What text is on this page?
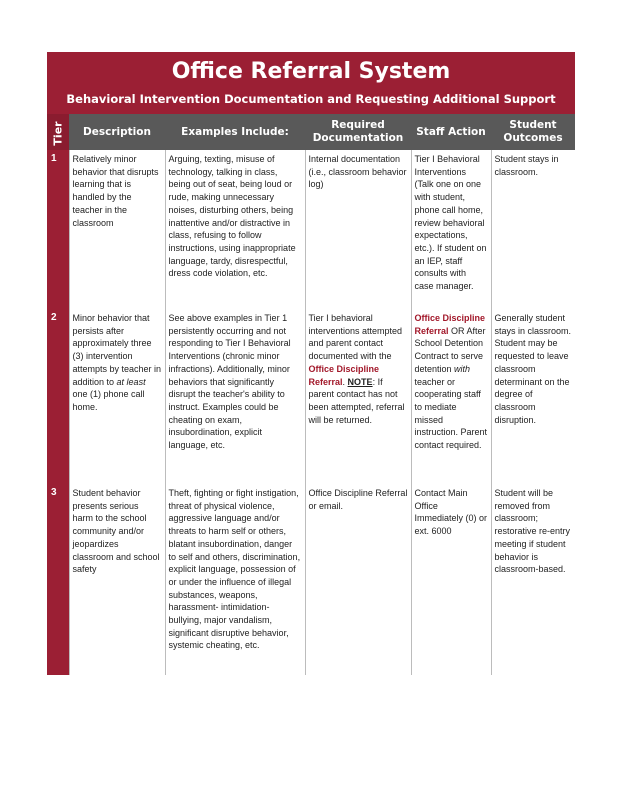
Office Referral System
Behavioral Intervention Documentation and Requesting Additional Support
Tier	Description	Examples Include:	Required Documentation	Staff Action	Student Outcomes
1	Relatively minor behavior that disrupts learning that is handled by the teacher in the classroom	Arguing, texting, misuse of technology, talking in class, being out of seat, being loud or rude, making unnecessary noises, disturbing others, being inattentive and/or distractive in class, refusing to follow instructions, using inappropriate language, tardy, disrespectful, dress code violation, etc.	Internal documentation (i.e., classroom behavior log)	Tier I Behavioral Interventions (Talk one on one with student, phone call home, review behavioral expectations, etc.). If student on an IEP, staff consults with case manager.	Student stays in classroom.
2	Minor behavior that persists after approximately three (3) intervention attempts by teacher in addition to at least one (1) phone call home.	See above examples in Tier 1 persistently occurring and not responding to Tier I Behavioral Interventions (chronic minor infractions). Additionally, minor behaviors that significantly disrupt the teacher's ability to instruct. Examples could be cheating on exam, insubordination, explicit language, etc.	Tier I behavioral interventions attempted and parent contact documented with the Office Discipline Referral. NOTE: If parent contact has not been attempted, referral will be returned.	Office Discipline Referral OR After School Detention Contract to serve detention with teacher or cooperating staff to mediate missed instruction. Parent contact required.	Generally student stays in classroom. Student may be requested to leave classroom determinant on the degree of classroom disruption.
3	Student behavior presents serious harm to the school community and/or jeopardizes classroom and school safety	Theft, fighting or fight instigation, threat of physical violence, aggressive language and/or threats to harm self or others, blatant insubordination, danger to self and others, discrimination, explicit language, possession of or under the influence of illegal substances, weapons, harassment- intimidation- bullying, major vandalism, significant disruptive behavior, systemic cheating, etc.	Office Discipline Referral or email.	Contact Main Office Immediately (0) or ext. 6000	Student will be removed from classroom; restorative re-entry meeting if student behavior is classroom-based.
